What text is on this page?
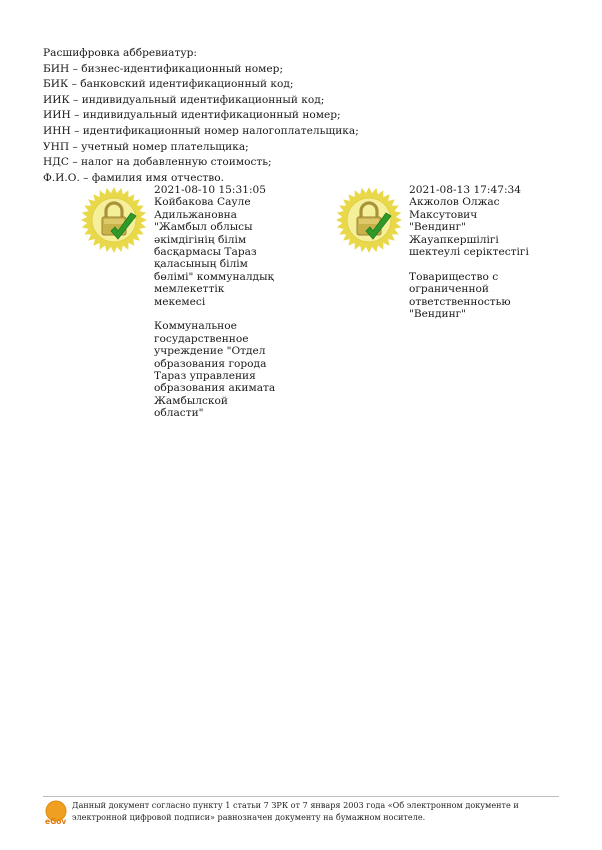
Расшифровка аббревиатур:
БИН – бизнес-идентификационный номер;
БИК – банковский идентификационный код;
ИИК – индивидуальный идентификационный код;
ИИН – индивидуальный идентификационный номер;
ИНН – идентификационный номер налогоплательщика;
УНП – учетный номер плательщика;
НДС – налог на добавленную стоимость;
Ф.И.О. – фамилия имя отчество.
2021-08-10 15:31:05
Койбакова Сауле
Адильжановна
"Жамбыл облысы
әкімдігінің білім
басқармасы Тараз
қаласының білім
бөлімі" коммуналдық
мемлекеттік
мекемесі
Коммунальное
государственное
учреждение "Отдел
образования города
Тараз управления
образования акимата
Жамбылской
области"
2021-08-13 17:47:34
Акжолов Олжас
Максутович
"Вендинг"
Жауапкершілігі
шектеулі серіктестігі
Товарищество с
ограниченной
ответственностью
"Вендинг"
eGov
Данный документ согласно пункту 1 статьи 7 ЗРК от 7 января 2003 года «Об электронном документе и электронной цифровой подписи» равнозначен документу на бумажном носителе.
